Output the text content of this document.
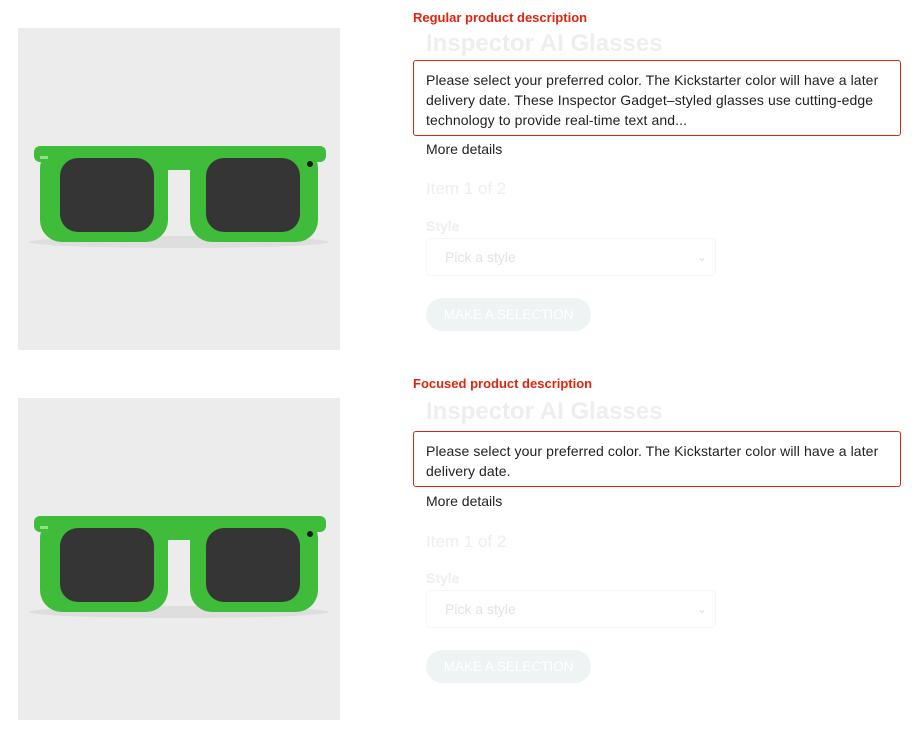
Regular product description
Inspector AI Glasses
Please select your preferred color. The Kickstarter color will have a later delivery date. These Inspector Gadget–styled glasses use cutting-edge technology to provide real-time text and...
More details
Item 1 of 2
Style
Pick a style	⌄
MAKE A SELECTION
Focused product description
Inspector AI Glasses
Please select your preferred color. The Kickstarter color will have a later delivery date.
More details
Item 1 of 2
Style
Pick a style	⌄
MAKE A SELECTION
